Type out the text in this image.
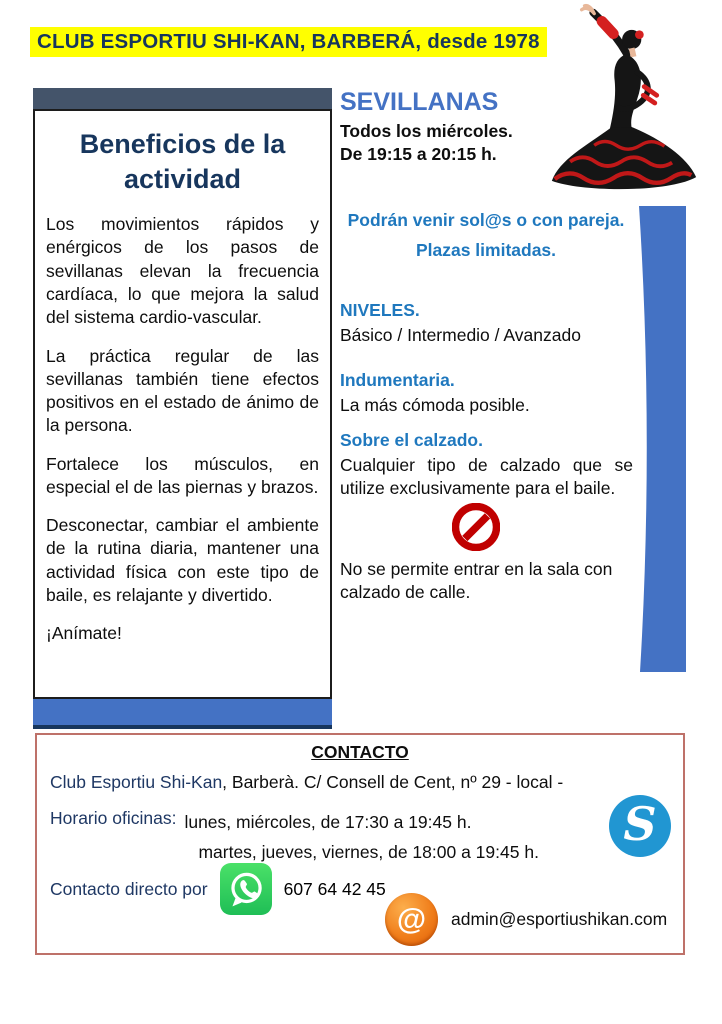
CLUB ESPORTIU SHI-KAN, BARBERÁ, desde 1978
Beneficios de la actividad

Los movimientos rápidos y enérgicos de los pasos de sevillanas elevan la frecuencia cardíaca, lo que mejora la salud del sistema cardio-vascular.

La práctica regular de las sevillanas también tiene efectos positivos en el estado de ánimo de la persona.

Fortalece los músculos, en especial el de las piernas y brazos.

Desconectar, cambiar el ambiente de la rutina diaria, mantener una actividad física con este tipo de baile, es relajante y divertido.

¡Anímate!

SEVILLANAS
Todos los miércoles.
De 19:15 a 20:15 h.
Podrán venir sol@s o con pareja.
Plazas limitadas.
NIVELES.
Básico / Intermedio / Avanzado
Indumentaria.
La más cómoda posible.
Sobre el calzado.
Cualquier tipo de calzado que se utilize exclusivamente para el baile.
No se permite entrar en la sala con calzado de calle.
CONTACTO
Club Esportiu Shi-Kan, Barberà. C/ Consell de Cent, nº 29 - local -
Horario oficinas: lunes, miércoles, de 17:30 a 19:45 h.
martes, jueves, viernes, de 18:00 a 19:45 h.
Contacto directo por	607 64 42 45
@ admin@esportiushikan.com
S
